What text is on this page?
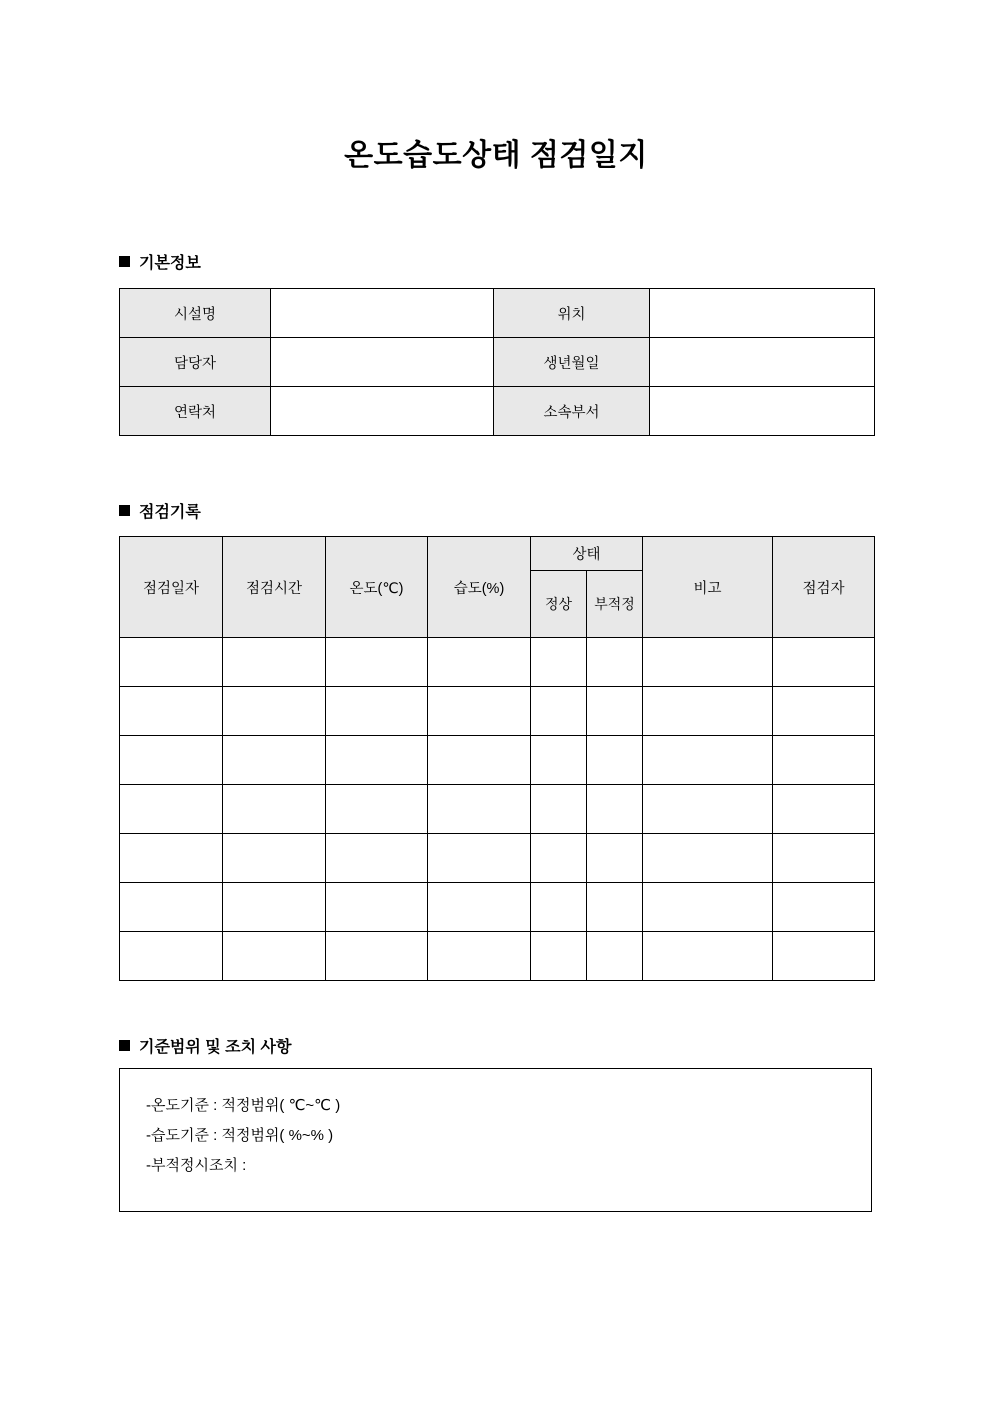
온도습도상태 점검일지
기본정보
시설명		위치	
담당자		생년월일	
연락처		소속부서	
점검기록
점검일자	점검시간	온도(℃)	습도(%)	상태		비고	점검자
				정상	부적정		

기준범위 및 조치 사항
-온도기준 : 적정범위( ℃~℃ )
-습도기준 : 적정범위( %~% )
-부적정시조치 :
